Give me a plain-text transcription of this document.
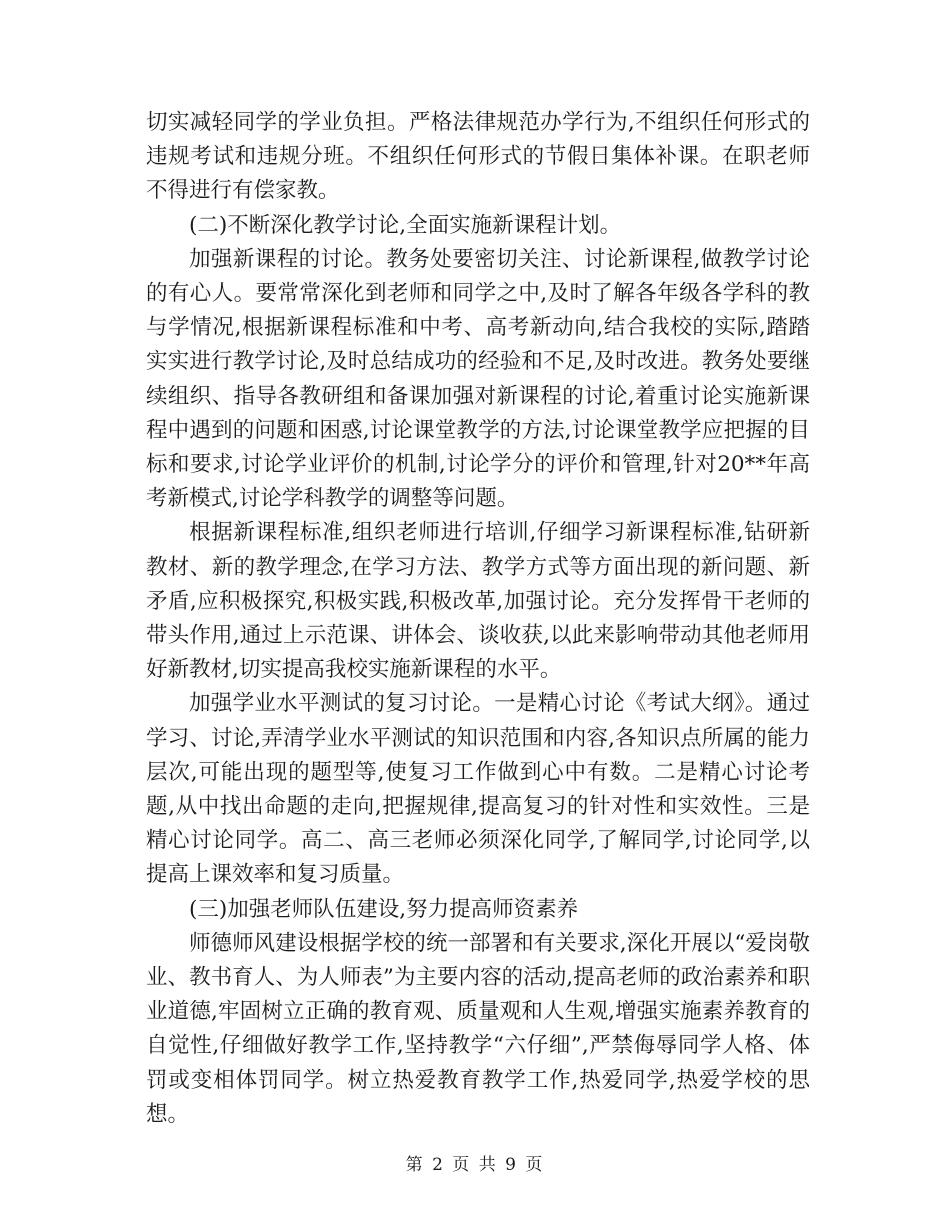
切实减轻同学的学业负担。严格法律规范办学行为,不组织任何形式的违规考试和违规分班。不组织任何形式的节假日集体补课。在职老师不得进行有偿家教。

(二)不断深化教学讨论,全面实施新课程计划。

加强新课程的讨论。教务处要密切关注、讨论新课程,做教学讨论的有心人。要常常深化到老师和同学之中,及时了解各年级各学科的教与学情况,根据新课程标准和中考、高考新动向,结合我校的实际,踏踏实实进行教学讨论,及时总结成功的经验和不足,及时改进。教务处要继续组织、指导各教研组和备课加强对新课程的讨论,着重讨论实施新课程中遇到的问题和困惑,讨论课堂教学的方法,讨论课堂教学应把握的目标和要求,讨论学业评价的机制,讨论学分的评价和管理,针对20**年高考新模式,讨论学科教学的调整等问题。

根据新课程标准,组织老师进行培训,仔细学习新课程标准,钻研新教材、新的教学理念,在学习方法、教学方式等方面出现的新问题、新矛盾,应积极探究,积极实践,积极改革,加强讨论。充分发挥骨干老师的带头作用,通过上示范课、讲体会、谈收获,以此来影响带动其他老师用好新教材,切实提高我校实施新课程的水平。

加强学业水平测试的复习讨论。一是精心讨论《考试大纲》。通过学习、讨论,弄清学业水平测试的知识范围和内容,各知识点所属的能力层次,可能出现的题型等,使复习工作做到心中有数。二是精心讨论考题,从中找出命题的走向,把握规律,提高复习的针对性和实效性。三是精心讨论同学。高二、高三老师必须深化同学,了解同学,讨论同学,以提高上课效率和复习质量。

(三)加强老师队伍建设,努力提高师资素养

师德师风建设根据学校的统一部署和有关要求,深化开展以“爱岗敬业、教书育人、为人师表”为主要内容的活动,提高老师的政治素养和职业道德,牢固树立正确的教育观、质量观和人生观,增强实施素养教育的自觉性,仔细做好教学工作,坚持教学“六仔细”,严禁侮辱同学人格、体罚或变相体罚同学。树立热爱教育教学工作,热爱同学,热爱学校的思想。

第 2 页 共 9 页
